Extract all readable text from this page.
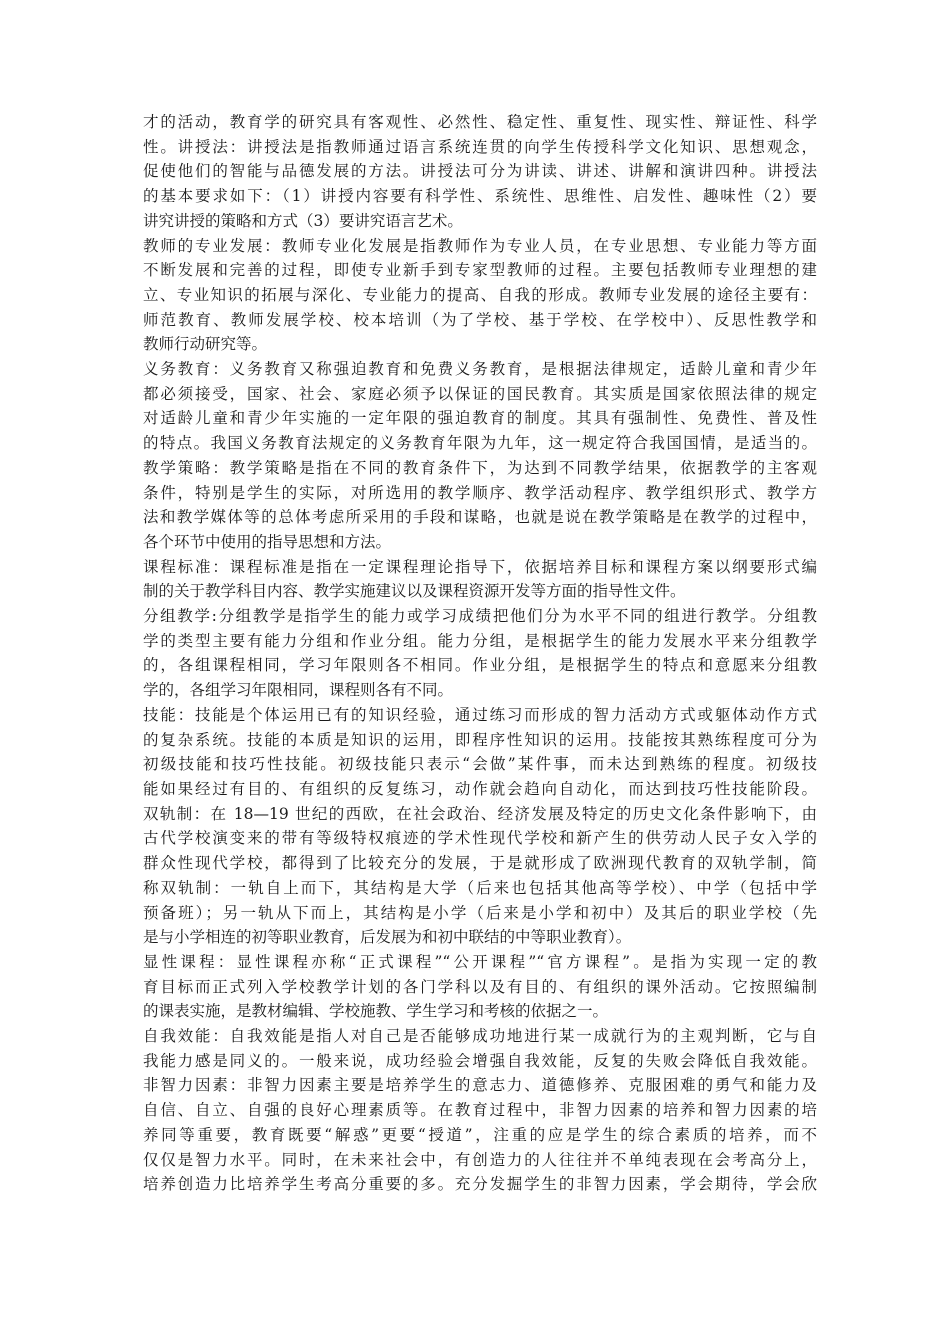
才的活动，教育学的研究具有客观性、必然性、稳定性、重复性、现实性、辩证性、科学
性。讲授法：讲授法是指教师通过语言系统连贯的向学生传授科学文化知识、思想观念，
促使他们的智能与品德发展的方法。讲授法可分为讲读、讲述、讲解和演讲四种。讲授法
的基本要求如下：（1）讲授内容要有科学性、系统性、思维性、启发性、趣味性（2）要
讲究讲授的策略和方式（3）要讲究语言艺术。
教师的专业发展：教师专业化发展是指教师作为专业人员，在专业思想、专业能力等方面
不断发展和完善的过程，即使专业新手到专家型教师的过程。主要包括教师专业理想的建
立、专业知识的拓展与深化、专业能力的提高、自我的形成。教师专业发展的途径主要有：
师范教育、教师发展学校、校本培训（为了学校、基于学校、在学校中）、反思性教学和
教师行动研究等。
义务教育：义务教育又称强迫教育和免费义务教育，是根据法律规定，适龄儿童和青少年
都必须接受，国家、社会、家庭必须予以保证的国民教育。其实质是国家依照法律的规定
对适龄儿童和青少年实施的一定年限的强迫教育的制度。其具有强制性、免费性、普及性
的特点。我国义务教育法规定的义务教育年限为九年，这一规定符合我国国情，是适当的。
教学策略：教学策略是指在不同的教育条件下，为达到不同教学结果，依据教学的主客观
条件，特别是学生的实际，对所选用的教学顺序、教学活动程序、教学组织形式、教学方
法和教学媒体等的总体考虑所采用的手段和谋略，也就是说在教学策略是在教学的过程中，
各个环节中使用的指导思想和方法。
课程标准：课程标准是指在一定课程理论指导下，依据培养目标和课程方案以纲要形式编
制的关于教学科目内容、教学实施建议以及课程资源开发等方面的指导性文件。
分组教学:分组教学是指学生的能力或学习成绩把他们分为水平不同的组进行教学。分组教
学的类型主要有能力分组和作业分组。能力分组，是根据学生的能力发展水平来分组教学
的，各组课程相同，学习年限则各不相同。作业分组，是根据学生的特点和意愿来分组教
学的，各组学习年限相同，课程则各有不同。
技能：技能是个体运用已有的知识经验，通过练习而形成的智力活动方式或躯体动作方式
的复杂系统。技能的本质是知识的运用，即程序性知识的运用。技能按其熟练程度可分为
初级技能和技巧性技能。初级技能只表示“会做”某件事，而未达到熟练的程度。初级技
能如果经过有目的、有组织的反复练习，动作就会趋向自动化，而达到技巧性技能阶段。
双轨制：在 18—19 世纪的西欧，在社会政治、经济发展及特定的历史文化条件影响下，由
古代学校演变来的带有等级特权痕迹的学术性现代学校和新产生的供劳动人民子女入学的
群众性现代学校，都得到了比较充分的发展，于是就形成了欧洲现代教育的双轨学制，简
称双轨制：一轨自上而下，其结构是大学（后来也包括其他高等学校）、中学（包括中学
预备班）；另一轨从下而上，其结构是小学（后来是小学和初中）及其后的职业学校（先
是与小学相连的初等职业教育，后发展为和初中联结的中等职业教育）。
显性课程：显性课程亦称“正式课程”“公开课程”“官方课程”。是指为实现一定的教
育目标而正式列入学校教学计划的各门学科以及有目的、有组织的课外活动。它按照编制
的课表实施，是教材编辑、学校施教、学生学习和考核的依据之一。
自我效能：自我效能是指人对自己是否能够成功地进行某一成就行为的主观判断，它与自
我能力感是同义的。一般来说，成功经验会增强自我效能，反复的失败会降低自我效能。
非智力因素：非智力因素主要是培养学生的意志力、道德修养、克服困难的勇气和能力及
自信、自立、自强的良好心理素质等。在教育过程中，非智力因素的培养和智力因素的培
养同等重要，教育既要“解惑”更要“授道”，注重的应是学生的综合素质的培养，而不
仅仅是智力水平。同时，在未来社会中，有创造力的人往往并不单纯表现在会考高分上，
培养创造力比培养学生考高分重要的多。充分发掘学生的非智力因素，学会期待，学会欣
